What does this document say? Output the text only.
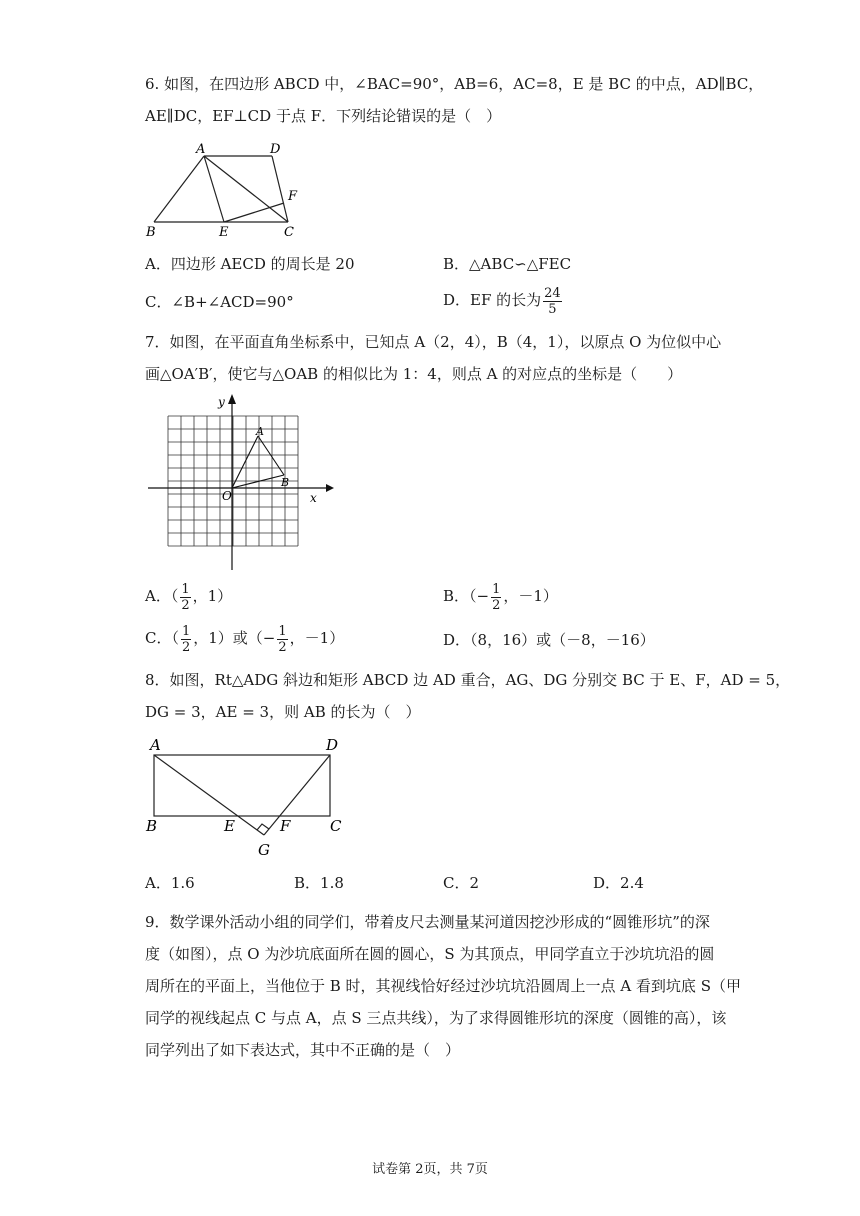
6. 如图，在四边形 ABCD 中，∠BAC=90°，AB=6，AC=8，E 是 BC 的中点，AD∥BC，
AE∥DC，EF⊥CD 于点 F．下列结论错误的是（　）
A	D
F
B	E	C
A．四边形 AECD 的周长是 20	B．△ABC∽△FEC
C．∠B+∠ACD=90°	D．EF 的长为 $\frac{24}{5}$
7．如图，在平面直角坐标系中，已知点 A（2，4），B（4，1），以原点 O 为位似中心
画△OA′B′，使它与△OAB 的相似比为 1：4，则点 A 的对应点的坐标是（　　）
y
x
O
A
B
A．（ $\frac{1}{2}$ ，1）	B．（− $\frac{1}{2}$ ，－1）
C．（ $\frac{1}{2}$ ，1）或（− $\frac{1}{2}$ ，－1）	D．（8，16）或（－8，－16）
8．如图，Rt△ADG 斜边和矩形 ABCD 边 AD 重合，AG、DG 分别交 BC 于 E、F，AD = 5，
DG = 3，AE = 3，则 AB 的长为（　）
A	D
B	E	F	C
G
A．1.6	B．1.8	C．2	D．2.4
9．数学课外活动小组的同学们，带着皮尺去测量某河道因挖沙形成的“圆锥形坑”的深
度（如图），点 O 为沙坑底面所在圆的圆心，S 为其顶点，甲同学直立于沙坑坑沿的圆
周所在的平面上，当他位于 B 时，其视线恰好经过沙坑坑沿圆周上一点 A 看到坑底 S（甲
同学的视线起点 C 与点 A，点 S 三点共线），为了求得圆锥形坑的深度（圆锥的高），该
同学列出了如下表达式，其中不正确的是（　）
试卷第 2页，共 7页
